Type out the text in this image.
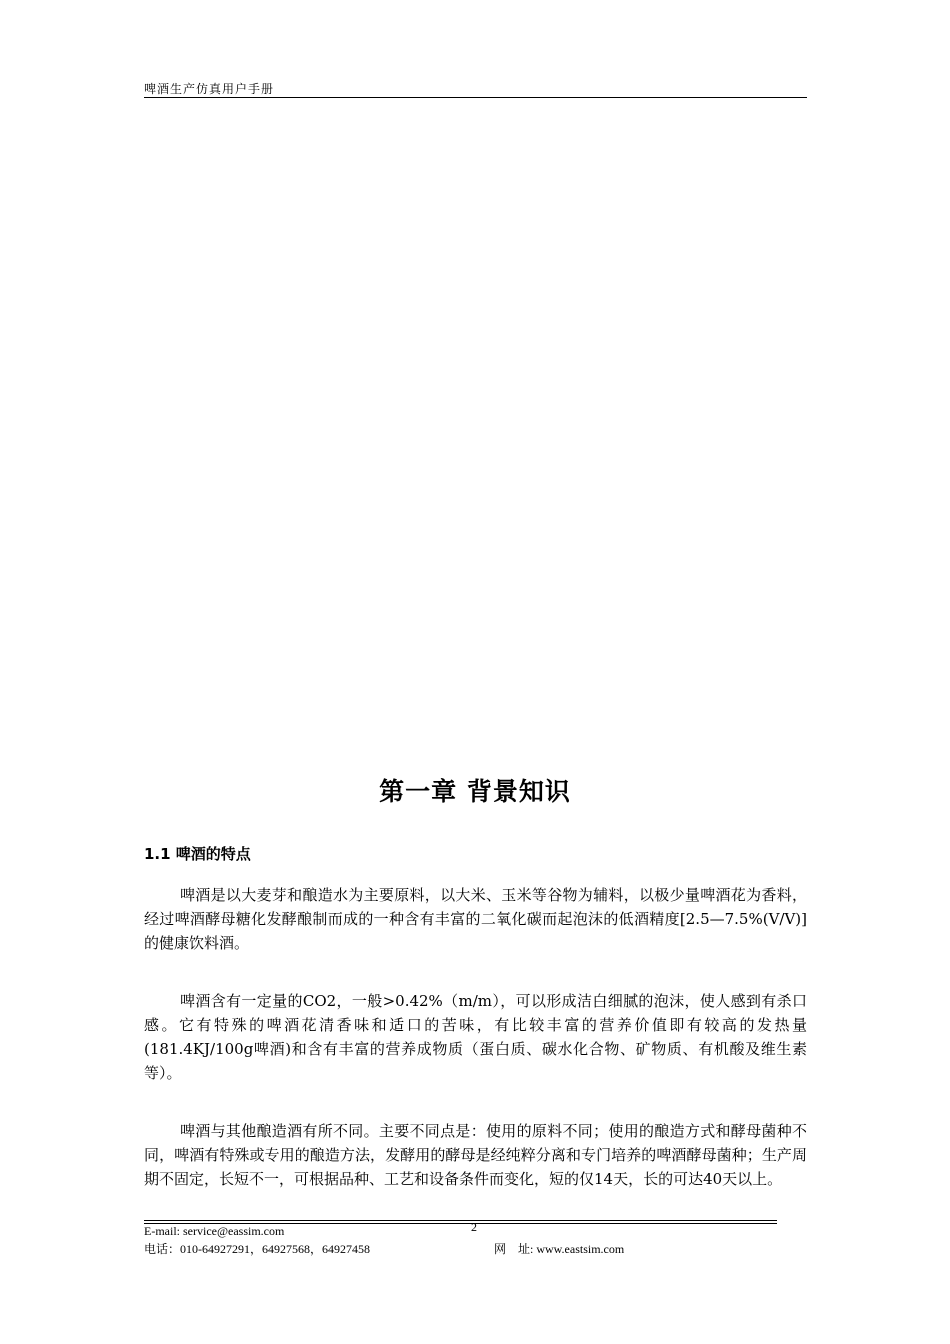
啤酒生产仿真用户手册
第一章 背景知识
1.1 啤酒的特点

啤酒是以大麦芽和酿造水为主要原料，以大米、玉米等谷物为辅料，以极少量啤酒花为香料，经过啤酒酵母糖化发酵酿制而成的一种含有丰富的二氧化碳而起泡沫的低酒精度[2.5—7.5%(V/V)]的健康饮料酒。

啤酒含有一定量的CO2，一般>0.42%（m/m），可以形成洁白细腻的泡沫，使人感到有杀口感。它有特殊的啤酒花清香味和适口的苦味，有比较丰富的营养价值即有较高的发热量(181.4KJ/100g啤酒)和含有丰富的营养成物质（蛋白质、碳水化合物、矿物质、有机酸及维生素等）。

啤酒与其他酿造酒有所不同。主要不同点是：使用的原料不同；使用的酿造方式和酵母菌种不同，啤酒有特殊或专用的酿造方法，发酵用的酵母是经纯粹分离和专门培养的啤酒酵母菌种；生产周期不固定，长短不一，可根据品种、工艺和设备条件而变化，短的仅14天，长的可达40天以上。

E-mail: service@eassim.com	2
电话：010-64927291，64927568，64927458	网    址: www.eastsim.com
